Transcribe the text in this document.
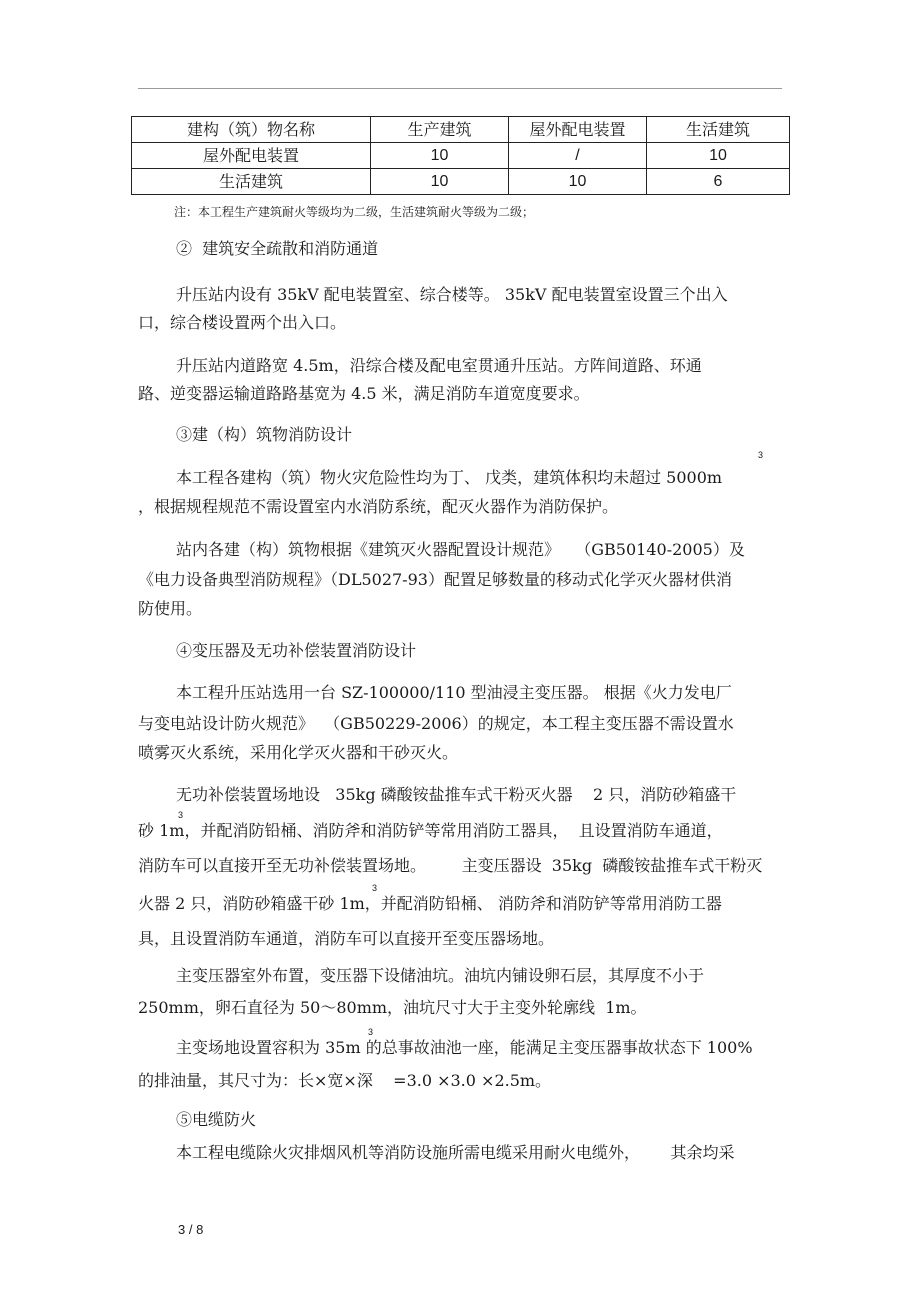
建构（筑）物名称	生产建筑	屋外配电装置	生活建筑
屋外配电装置	10	/	10
生活建筑	10	10	6
注：本工程生产建筑耐火等级均为二级，生活建筑耐火等级为二级；
②  建筑安全疏散和消防通道
升压站内设有 35kV 配电装置室、综合楼等。 35kV 配电装置室设置三个出入
口，综合楼设置两个出入口。
升压站内道路宽 4.5m，沿综合楼及配电室贯通升压站。方阵间道路、环通
路、逆变器运输道路路基宽为 4.5 米，满足消防车道宽度要求。
③建（构）筑物消防设计
本工程各建构（筑）物火灾危险性均为丁、 戊类，建筑体积均未超过 5000m
，根据规程规范不需设置室内水消防系统，配灭火器作为消防保护。
站内各建（构）筑物根据《建筑灭火器配置设计规范》   （GB50140-2005）及
《电力设备典型消防规程》（DL5027-93）配置足够数量的移动式化学灭火器材供消
防使用。
④变压器及无功补偿装置消防设计
本工程升压站选用一台 SZ-100000/110 型油浸主变压器。 根据《火力发电厂
与变电站设计防火规范》  （GB50229-2006）的规定，本工程主变压器不需设置水
喷雾灭火系统，采用化学灭火器和干砂灭火。
无功补偿装置场地设   35kg 磷酸铵盐推车式干粉灭火器    2 只，消防砂箱盛干
砂 1m，并配消防铅桶、消防斧和消防铲等常用消防工器具，  且设置消防车通道，
消防车可以直接开至无功补偿装置场地。       主变压器设  35kg  磷酸铵盐推车式干粉灭
火器 2 只，消防砂箱盛干砂 1m，并配消防铅桶、 消防斧和消防铲等常用消防工器
具，且设置消防车通道，消防车可以直接开至变压器场地。
主变压器室外布置，变压器下设储油坑。油坑内铺设卵石层，其厚度不小于
250mm，卵石直径为 50～80mm，油坑尺寸大于主变外轮廓线  1m。
主变场地设置容积为 35m 的总事故油池一座，能满足主变压器事故状态下 100%
的排油量，其尺寸为：长×宽×深    =3.0 ×3.0 ×2.5m。
⑤电缆防火
本工程电缆除火灾排烟风机等消防设施所需电缆采用耐火电缆外，      其余均采
3
3
3
3
3 / 8
